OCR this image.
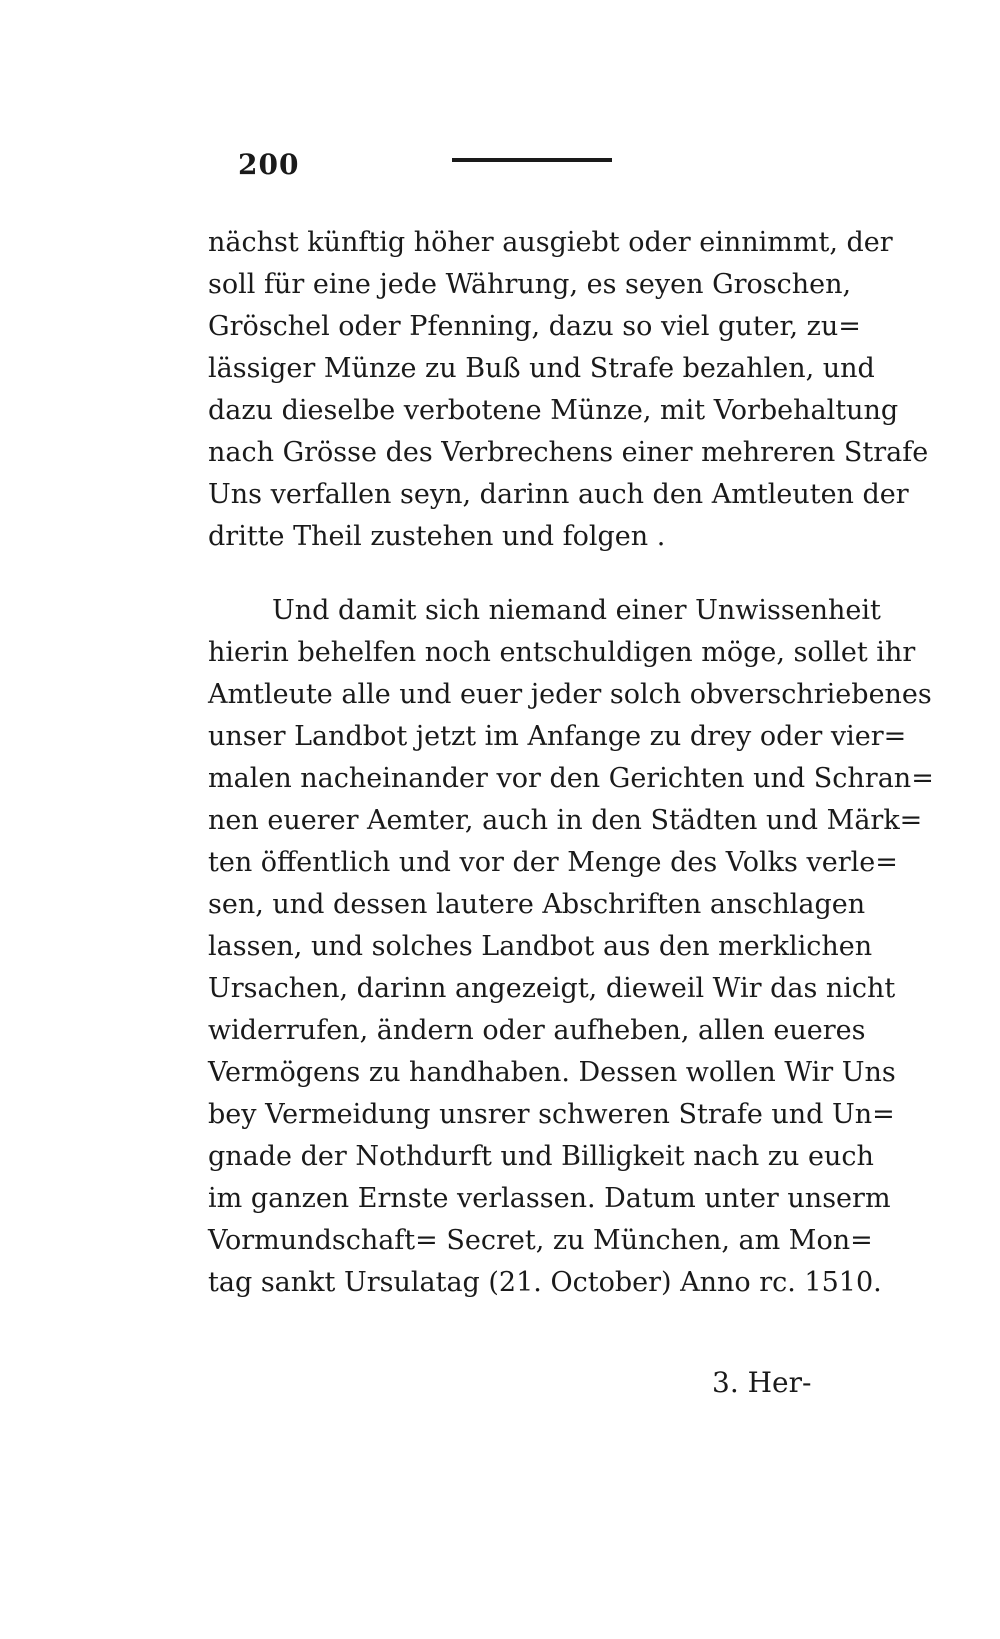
200
nächst künftig höher ausgiebt oder einnimmt, der
soll für eine jede Währung, es seyen Groschen,
Gröschel oder Pfenning, dazu so viel guter, zu=
lässiger Münze zu Buß und Strafe bezahlen, und
dazu dieselbe verbotene Münze, mit Vorbehaltung
nach Grösse des Verbrechens einer mehreren Strafe
Uns verfallen seyn, darinn auch den Amtleuten der
dritte Theil zustehen und folgen .
Und damit sich niemand einer Unwissenheit
hierin behelfen noch entschuldigen möge, sollet ihr
Amtleute alle und euer jeder solch obverschriebenes
unser Landbot jetzt im Anfange zu drey oder vier=
malen nacheinander vor den Gerichten und Schran=
nen euerer Aemter, auch in den Städten und Märk=
ten öffentlich und vor der Menge des Volks verle=
sen, und dessen lautere Abschriften anschlagen
lassen, und solches Landbot aus den merklichen
Ursachen, darinn angezeigt, dieweil Wir das nicht
widerrufen, ändern oder aufheben, allen eueres
Vermögens zu handhaben. Dessen wollen Wir Uns
bey Vermeidung unsrer schweren Strafe und Un=
gnade der Nothdurft und Billigkeit nach zu euch
im ganzen Ernste verlassen. Datum unter unserm
Vormundschaft= Secret, zu München, am Mon=
tag sankt Ursulatag (21. October) Anno rc. 1510.
3. Her-
